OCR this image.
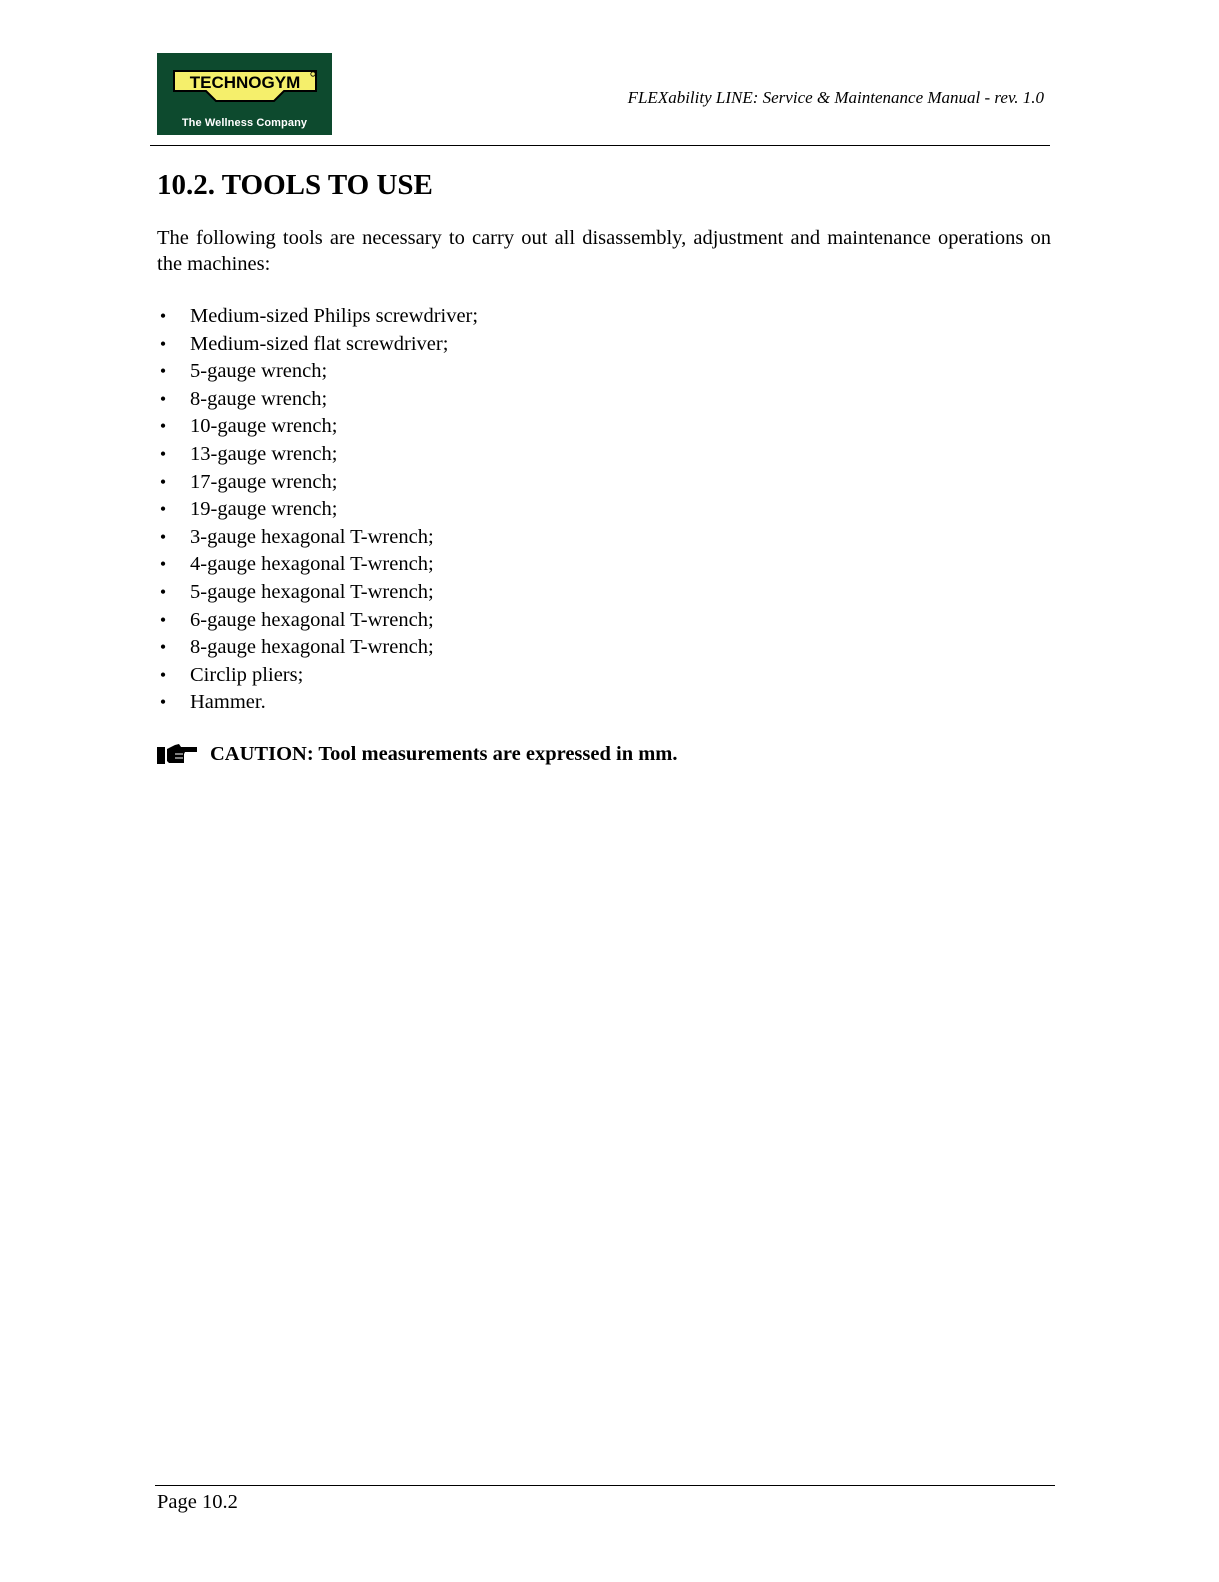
TECHNOGYM
The Wellness Company
FLEXability LINE: Service & Maintenance Manual - rev. 1.0
10.2. TOOLS TO USE

The following tools are necessary to carry out all disassembly, adjustment and maintenance operations on the machines:

• Medium-sized Philips screwdriver;
• Medium-sized flat screwdriver;
• 5-gauge wrench;
• 8-gauge wrench;
• 10-gauge wrench;
• 13-gauge wrench;
• 17-gauge wrench;
• 19-gauge wrench;
• 3-gauge hexagonal T-wrench;
• 4-gauge hexagonal T-wrench;
• 5-gauge hexagonal T-wrench;
• 6-gauge hexagonal T-wrench;
• 8-gauge hexagonal T-wrench;
• Circlip pliers;
• Hammer.
CAUTION: Tool measurements are expressed in mm.
Page 10.2
